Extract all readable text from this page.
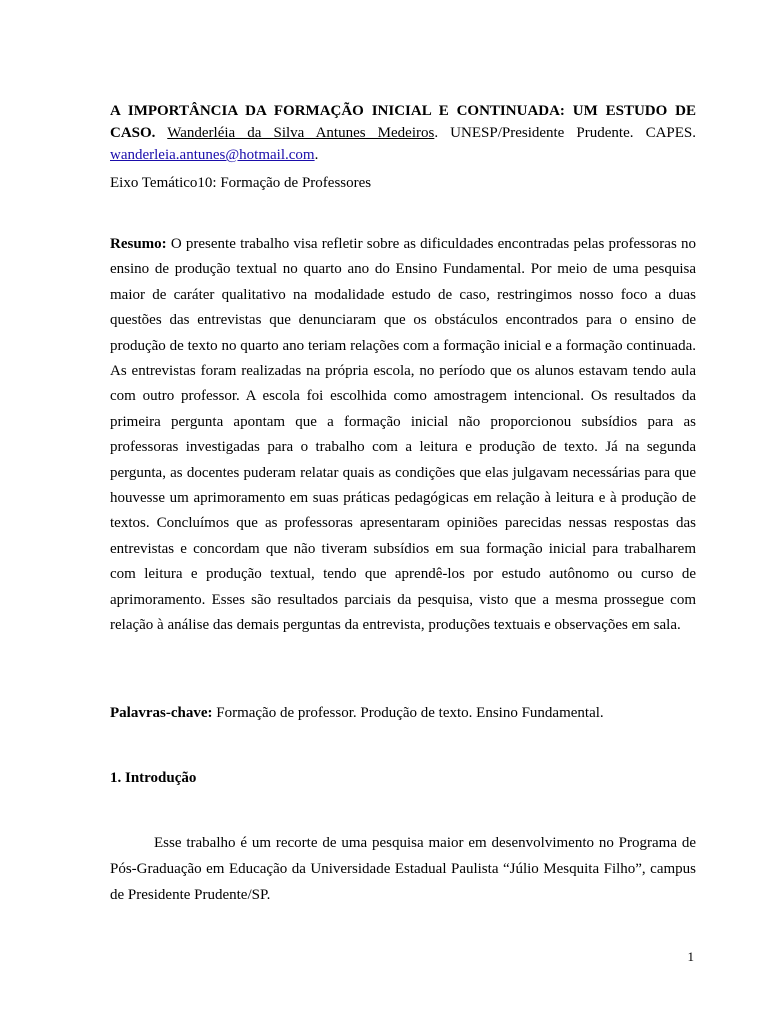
A IMPORTÂNCIA DA FORMAÇÃO INICIAL E CONTINUADA: UM ESTUDO DE CASO. Wanderléia da Silva Antunes Medeiros. UNESP/Presidente Prudente. CAPES. wanderleia.antunes@hotmail.com.
Eixo Temático10: Formação de Professores
Resumo: O presente trabalho visa refletir sobre as dificuldades encontradas pelas professoras no ensino de produção textual no quarto ano do Ensino Fundamental. Por meio de uma pesquisa maior de caráter qualitativo na modalidade estudo de caso, restringimos nosso foco a duas questões das entrevistas que denunciaram que os obstáculos encontrados para o ensino de produção de texto no quarto ano teriam relações com a formação inicial e a formação continuada. As entrevistas foram realizadas na própria escola, no período que os alunos estavam tendo aula com outro professor. A escola foi escolhida como amostragem intencional. Os resultados da primeira pergunta apontam que a formação inicial não proporcionou subsídios para as professoras investigadas para o trabalho com a leitura e produção de texto. Já na segunda pergunta, as docentes puderam relatar quais as condições que elas julgavam necessárias para que houvesse um aprimoramento em suas práticas pedagógicas em relação à leitura e à produção de textos. Concluímos que as professoras apresentaram opiniões parecidas nessas respostas das entrevistas e concordam que não tiveram subsídios em sua formação inicial para trabalharem com leitura e produção textual, tendo que aprendê-los por estudo autônomo ou curso de aprimoramento. Esses são resultados parciais da pesquisa, visto que a mesma prossegue com relação à análise das demais perguntas da entrevista, produções textuais e observações em sala.
Palavras-chave: Formação de professor. Produção de texto. Ensino Fundamental.
1. Introdução
Esse trabalho é um recorte de uma pesquisa maior em desenvolvimento no Programa de Pós-Graduação em Educação da Universidade Estadual Paulista “Júlio Mesquita Filho”, campus de Presidente Prudente/SP.
1
